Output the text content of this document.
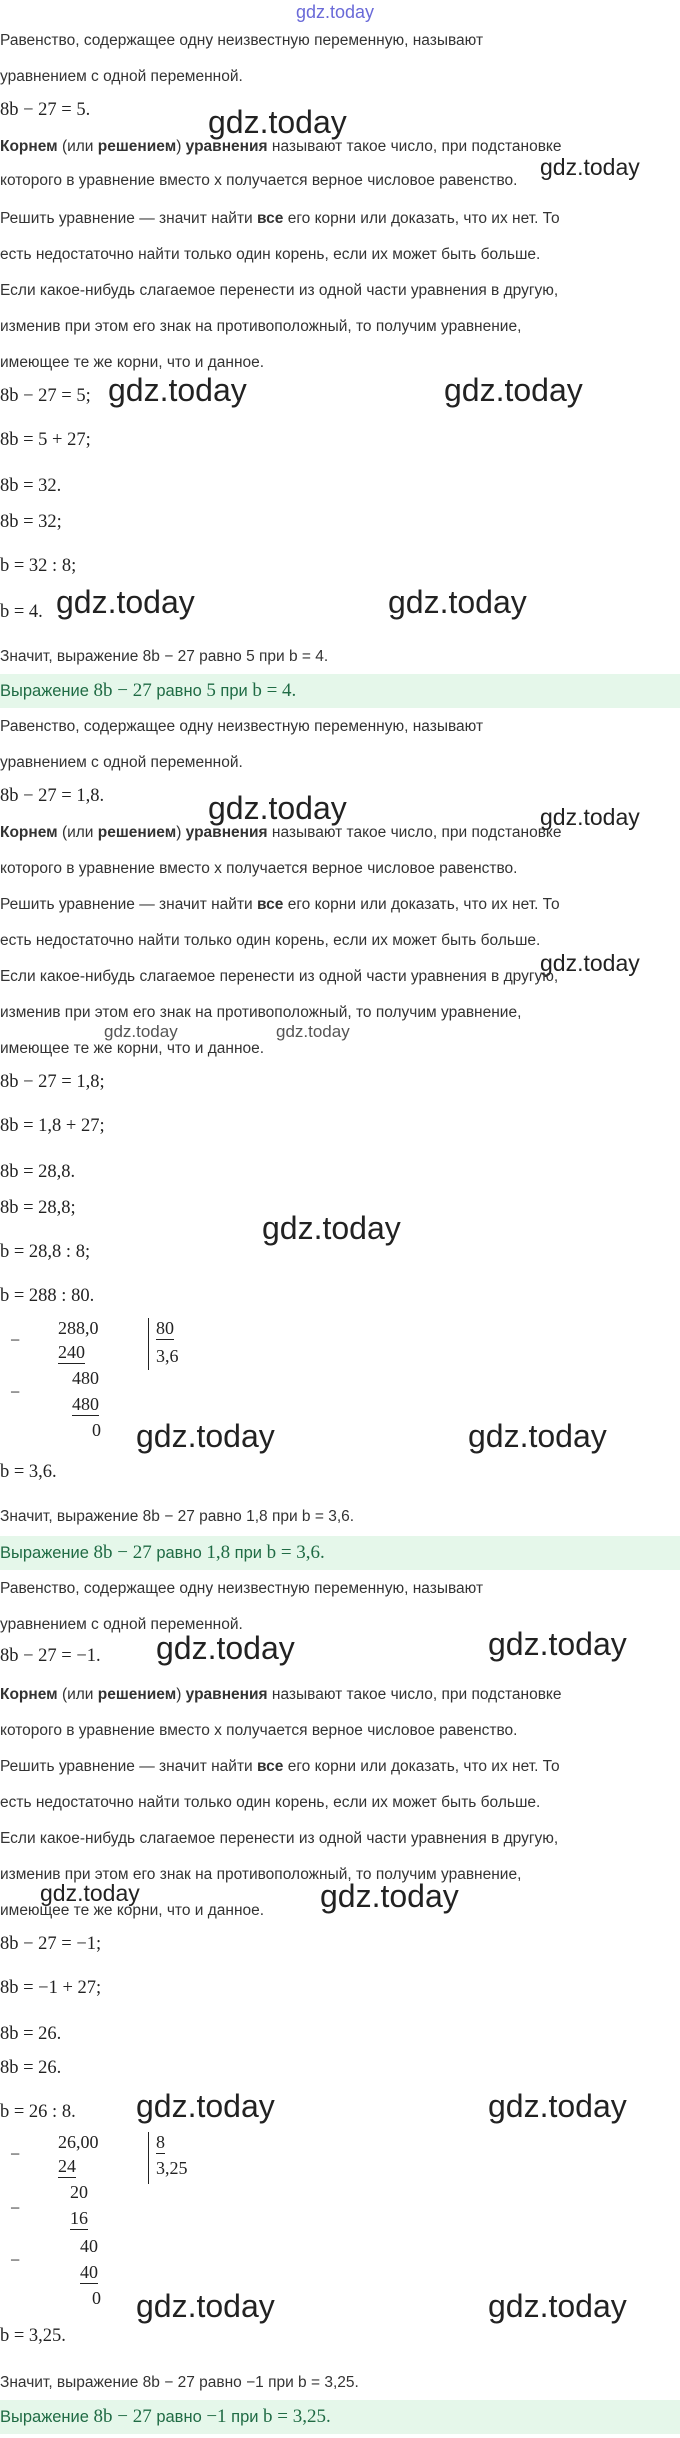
gdz.today
Равенство, содержащее одну неизвестную переменную, называют
уравнением с одной переменной.
8b − 27 = 5.	gdz.today
Корнем (или решением) уравнения называют такое число, при подстановке
gdz.today
которого в уравнение вместо x получается верное числовое равенство.
Решить уравнение — значит найти все его корни или доказать, что их нет. То
есть недостаточно найти только один корень, если их может быть больше.
Если какое-нибудь слагаемое перенести из одной части уравнения в другую,
изменив при этом его знак на противоположный, то получим уравнение,
имеющее те же корни, что и данное.
8b − 27 = 5; gdz.today	gdz.today
8b = 5 + 27;
8b = 32.
8b = 32;
b = 32 : 8;
b = 4. gdz.today	gdz.today
Значит, выражение 8b − 27 равно 5 при b = 4.
Выражение 8b − 27 равно 5 при b = 4.
Равенство, содержащее одну неизвестную переменную, называют
уравнением с одной переменной.
8b − 27 = 1,8.	gdz.today	gdz.today
Корнем (или решением) уравнения называют такое число, при подстановке
которого в уравнение вместо x получается верное числовое равенство.
Решить уравнение — значит найти все его корни или доказать, что их нет. То
есть недостаточно найти только один корень, если их может быть больше.
gdz.today
Если какое-нибудь слагаемое перенести из одной части уравнения в другую,
изменив при этом его знак на противоположный, то получим уравнение,
gdz.today	gdz.today
имеющее те же корни, что и данное.
8b − 27 = 1,8;
8b = 1,8 + 27;
8b = 28,8.
8b = 28,8;
gdz.today
b = 28,8 : 8;
b = 288 : 80.
−
288,0	80
3,6
240
−
480
480
0 gdz.today	gdz.today
b = 3,6.
Значит, выражение 8b − 27 равно 1,8 при b = 3,6.
Выражение 8b − 27 равно 1,8 при b = 3,6.
Равенство, содержащее одну неизвестную переменную, называют
уравнением с одной переменной.
8b − 27 = −1. gdz.today	gdz.today
Корнем (или решением) уравнения называют такое число, при подстановке
которого в уравнение вместо x получается верное числовое равенство.
Решить уравнение — значит найти все его корни или доказать, что их нет. То
есть недостаточно найти только один корень, если их может быть больше.
Если какое-нибудь слагаемое перенести из одной части уравнения в другую,
изменив при этом его знак на противоположный, то получим уравнение,
gdz.today	gdz.today
имеющее те же корни, что и данное.
8b − 27 = −1;
8b = −1 + 27;
8b = 26.
8b = 26.
b = 26 : 8. gdz.today	gdz.today
−
26,00	8
3,25
24
−
20
16
−
40
40
0 gdz.today	gdz.today
b = 3,25.
Значит, выражение 8b − 27 равно −1 при b = 3,25.
Выражение 8b − 27 равно −1 при b = 3,25.
